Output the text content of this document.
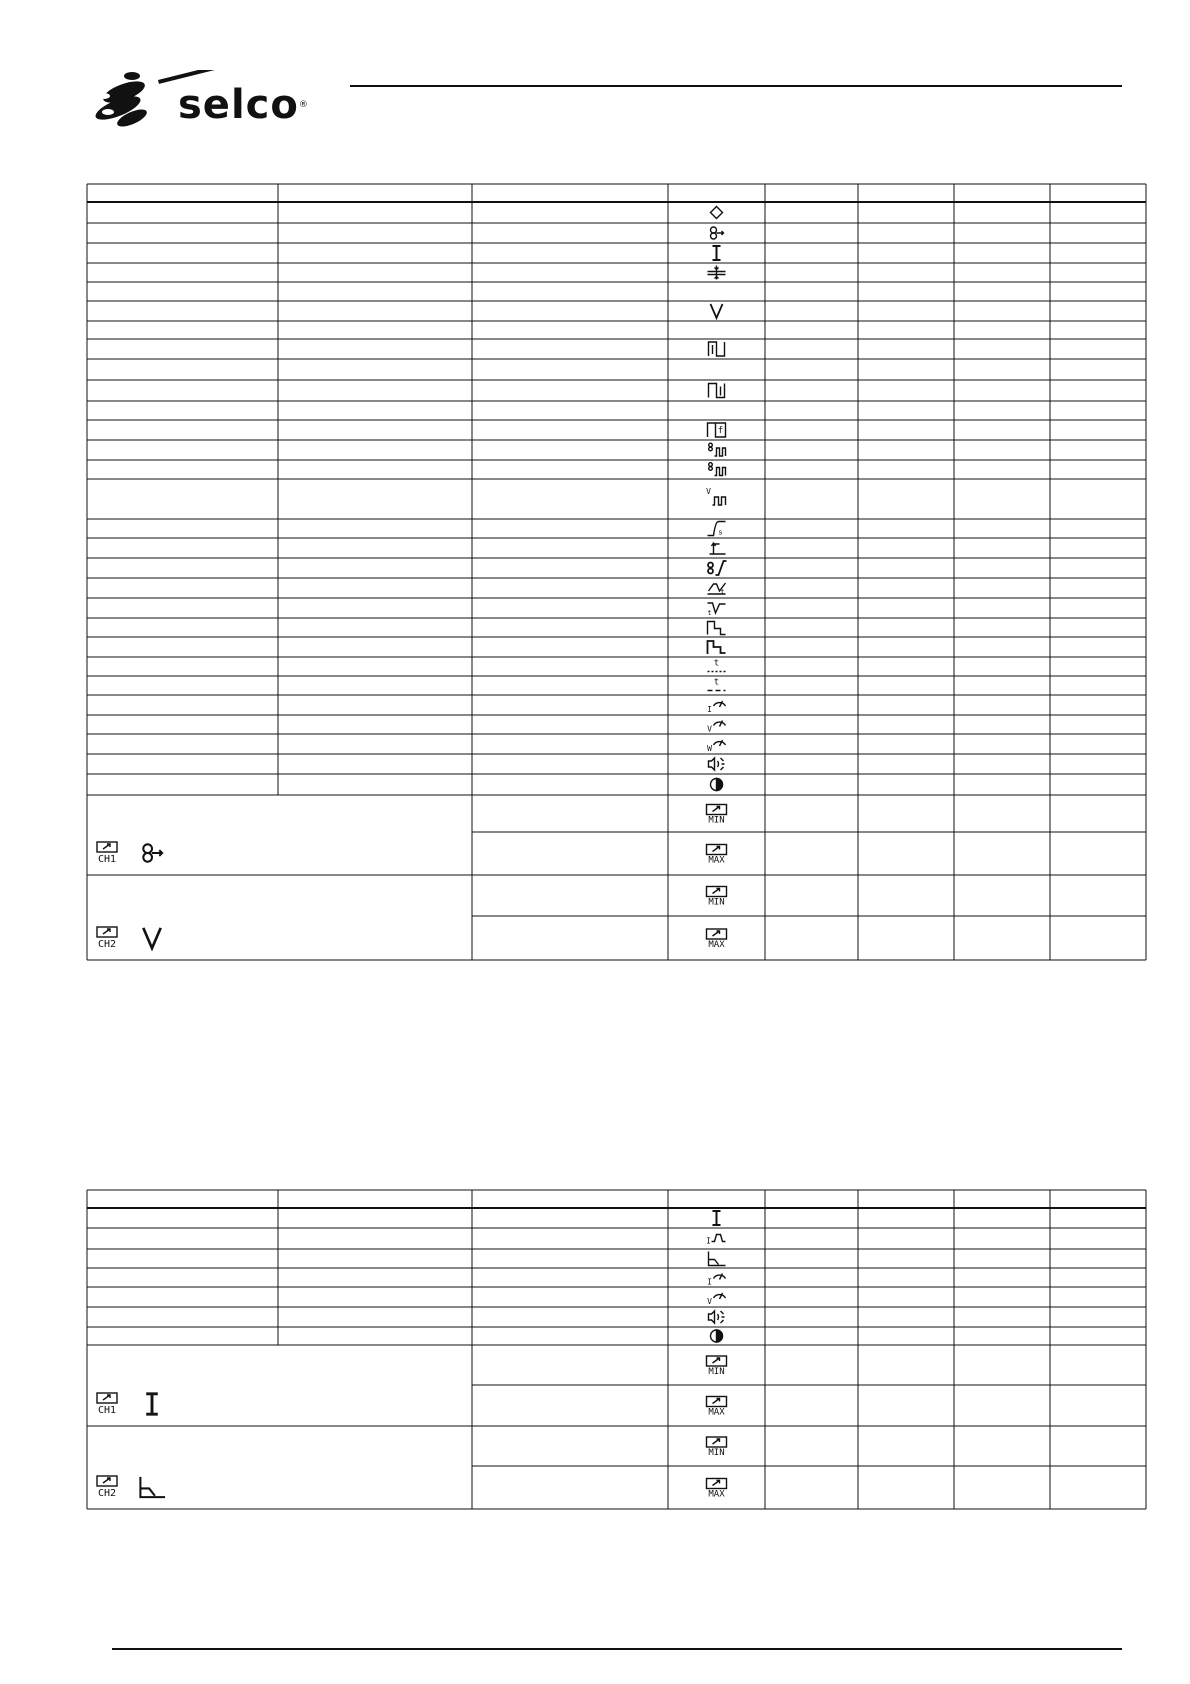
selco®
CH1
CH2
f
V
s
t
t
t
t
I
V
W
MIN
MAX
MIN
MAX
CH1
CH2
I
I
V
MIN
MAX
MIN
MAX
